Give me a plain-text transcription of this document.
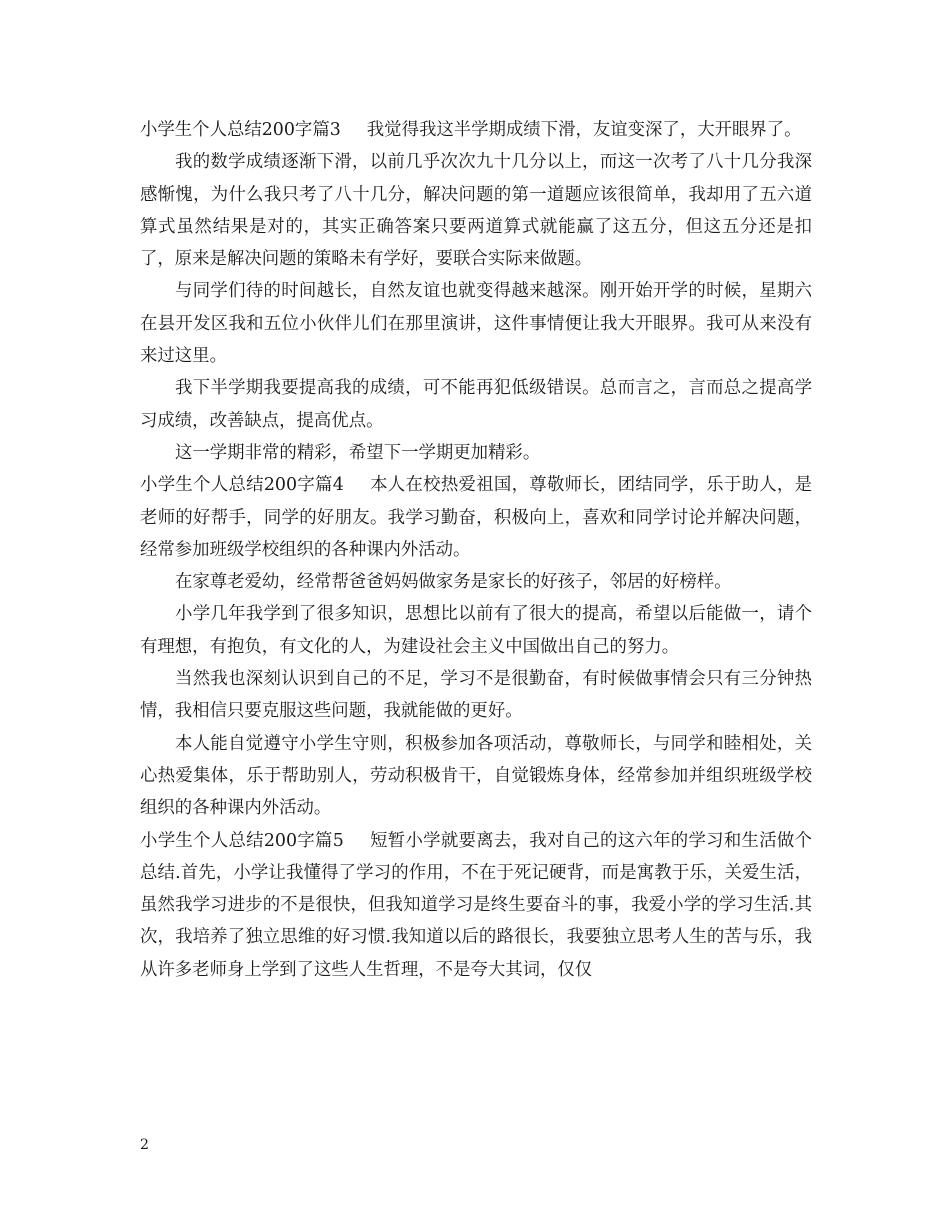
小学生个人总结200字篇3 我觉得我这半学期成绩下滑，友谊变深了，大开眼界了。

我的数学成绩逐渐下滑，以前几乎次次九十几分以上，而这一次考了八十几分我深感惭愧，为什么我只考了八十几分，解决问题的第一道题应该很简单，我却用了五六道算式虽然结果是对的，其实正确答案只要两道算式就能赢了这五分，但这五分还是扣了，原来是解决问题的策略未有学好，要联合实际来做题。

与同学们待的时间越长，自然友谊也就变得越来越深。刚开始开学的时候，星期六在县开发区我和五位小伙伴儿们在那里演讲，这件事情便让我大开眼界。我可从来没有来过这里。

我下半学期我要提高我的成绩，可不能再犯低级错误。总而言之，言而总之提高学习成绩，改善缺点，提高优点。

这一学期非常的精彩，希望下一学期更加精彩。

小学生个人总结200字篇4 本人在校热爱祖国，尊敬师长，团结同学，乐于助人，是老师的好帮手，同学的好朋友。我学习勤奋，积极向上，喜欢和同学讨论并解决问题，经常参加班级学校组织的各种课内外活动。

在家尊老爱幼，经常帮爸爸妈妈做家务是家长的好孩子，邻居的好榜样。

小学几年我学到了很多知识，思想比以前有了很大的提高，希望以后能做一，请个有理想，有抱负，有文化的人，为建设社会主义中国做出自己的努力。

当然我也深刻认识到自己的不足，学习不是很勤奋，有时候做事情会只有三分钟热情，我相信只要克服这些问题，我就能做的更好。

本人能自觉遵守小学生守则，积极参加各项活动，尊敬师长，与同学和睦相处，关心热爱集体，乐于帮助别人，劳动积极肯干，自觉锻炼身体，经常参加并组织班级学校组织的各种课内外活动。

小学生个人总结200字篇5 短暂小学就要离去，我对自己的这六年的学习和生活做个总结.首先，小学让我懂得了学习的作用，不在于死记硬背，而是寓教于乐，关爱生活，虽然我学习进步的不是很快，但我知道学习是终生要奋斗的事，我爱小学的学习生活.其次，我培养了独立思维的好习惯.我知道以后的路很长，我要独立思考人生的苦与乐，我从许多老师身上学到了这些人生哲理，不是夸大其词，仅仅

2
